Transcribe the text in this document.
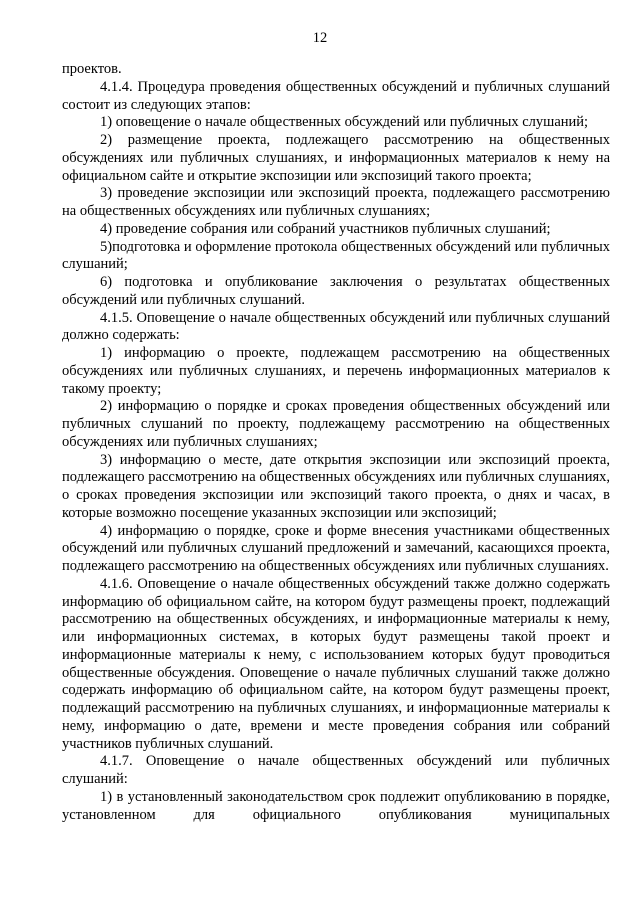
12

проектов.

4.1.4. Процедура проведения общественных обсуждений и публичных слушаний состоит из следующих этапов:

1) оповещение о начале общественных обсуждений или публичных слушаний;

2) размещение проекта, подлежащего рассмотрению на общественных обсуждениях или публичных слушаниях, и информационных материалов к нему на официальном сайте и открытие экспозиции или экспозиций такого проекта;

3) проведение экспозиции или экспозиций проекта, подлежащего рассмотрению на общественных обсуждениях или публичных слушаниях;

4) проведение собрания или собраний участников публичных слушаний;

5)подготовка и оформление протокола общественных обсуждений или публичных слушаний;

6) подготовка и опубликование заключения о результатах общественных обсуждений или публичных слушаний.

4.1.5. Оповещение о начале общественных обсуждений или публичных слушаний должно содержать:

1) информацию о проекте, подлежащем рассмотрению на общественных обсуждениях или публичных слушаниях, и перечень информационных материалов к такому проекту;

2) информацию о порядке и сроках проведения общественных обсуждений или публичных слушаний по проекту, подлежащему рассмотрению на общественных обсуждениях или публичных слушаниях;

3) информацию о месте, дате открытия экспозиции или экспозиций проекта, подлежащего рассмотрению на общественных обсуждениях или публичных слушаниях, о сроках проведения экспозиции или экспозиций такого проекта, о днях и часах, в которые возможно посещение указанных экспозиции или экспозиций;

4) информацию о порядке, сроке и форме внесения участниками общественных обсуждений или публичных слушаний предложений и замечаний, касающихся проекта, подлежащего рассмотрению на общественных обсуждениях или публичных слушаниях.

4.1.6. Оповещение о начале общественных обсуждений также должно содержать информацию об официальном сайте, на котором будут размещены проект, подлежащий рассмотрению на общественных обсуждениях, и информационные материалы к нему, или информационных системах, в которых будут размещены такой проект и информационные материалы к нему, с использованием которых будут проводиться общественные обсуждения. Оповещение о начале публичных слушаний также должно содержать информацию об официальном сайте, на котором будут размещены проект, подлежащий рассмотрению на публичных слушаниях, и информационные материалы к нему, информацию о дате, времени и месте проведения собрания или собраний участников публичных слушаний.

4.1.7. Оповещение о начале общественных обсуждений или публичных слушаний:

1) в установленный законодательством срок подлежит опубликованию в порядке, установленном для официального опубликования муниципальных
